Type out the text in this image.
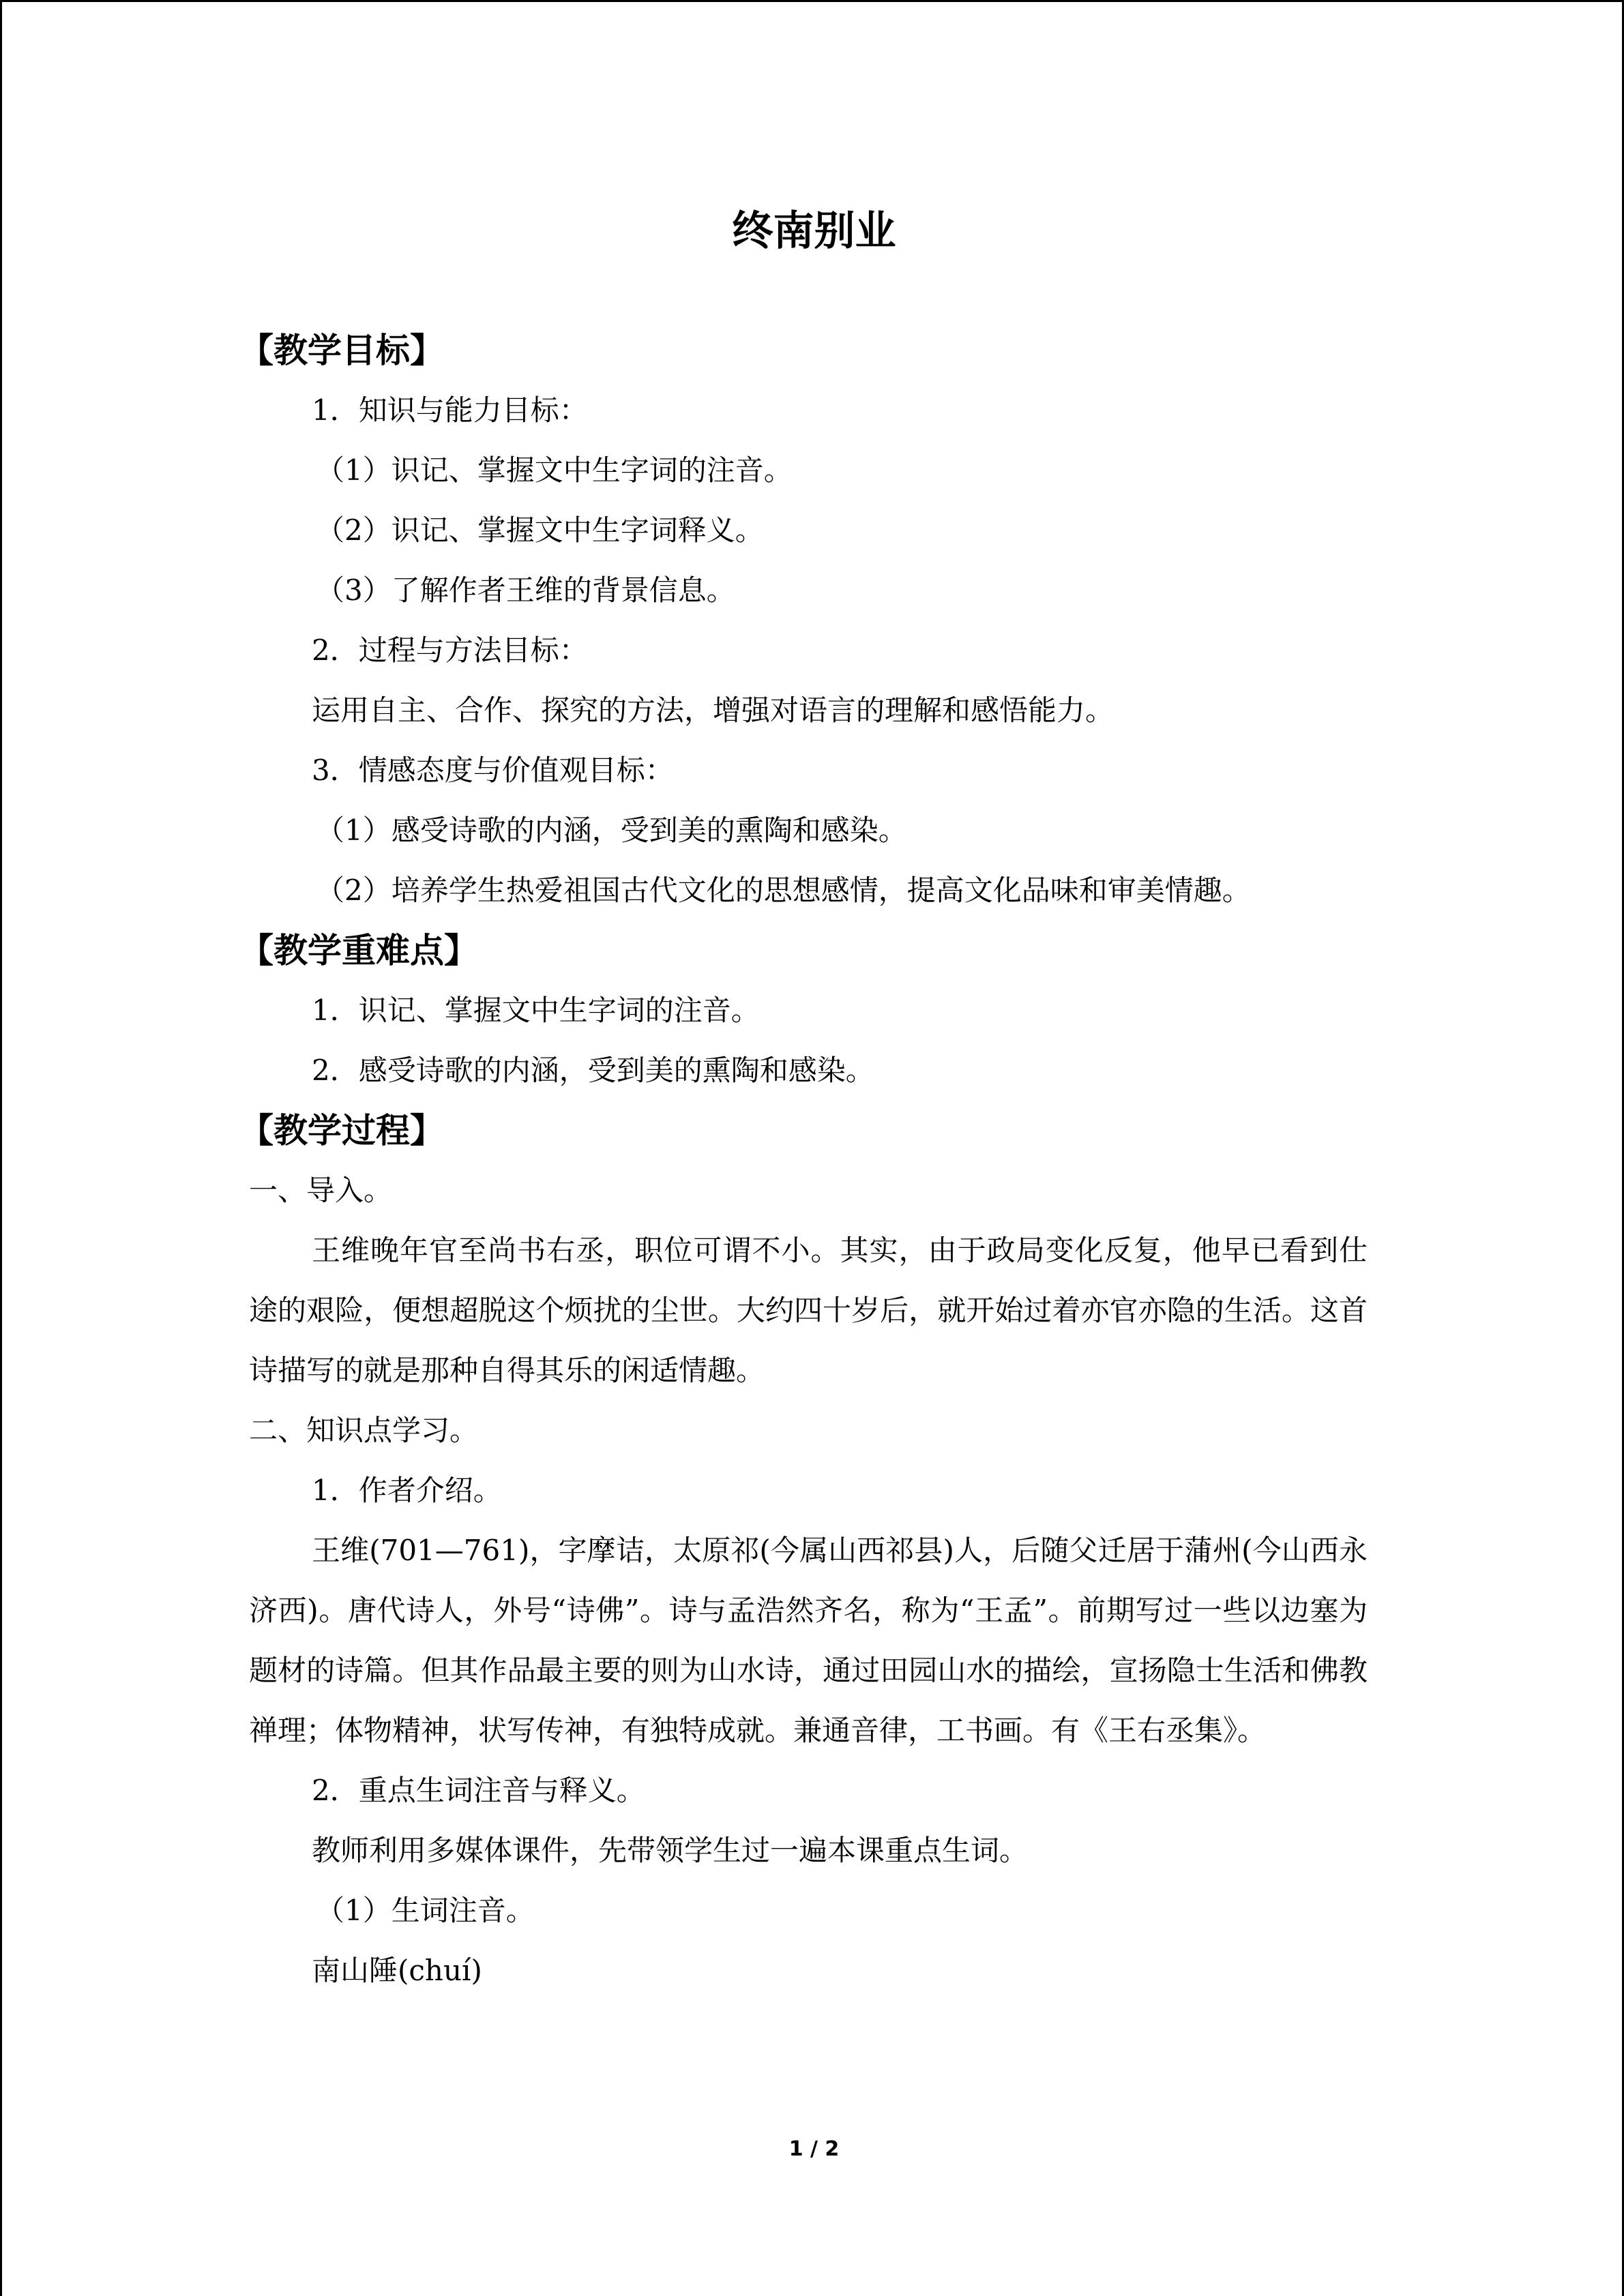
终南别业
【教学目标】
1．知识与能力目标：
（1）识记、掌握文中生字词的注音。
（2）识记、掌握文中生字词释义。
（3）了解作者王维的背景信息。
2．过程与方法目标：
运用自主、合作、探究的方法，增强对语言的理解和感悟能力。
3．情感态度与价值观目标：
（1）感受诗歌的内涵，受到美的熏陶和感染。
（2）培养学生热爱祖国古代文化的思想感情，提高文化品味和审美情趣。
【教学重难点】
1．识记、掌握文中生字词的注音。
2．感受诗歌的内涵，受到美的熏陶和感染。
【教学过程】
一、导入。
王维晚年官至尚书右丞，职位可谓不小。其实，由于政局变化反复，他早已看到仕途的艰险，便想超脱这个烦扰的尘世。大约四十岁后，就开始过着亦官亦隐的生活。这首诗描写的就是那种自得其乐的闲适情趣。
二、知识点学习。
1．作者介绍。
王维(701—761)，字摩诘，太原祁(今属山西祁县)人，后随父迁居于蒲州(今山西永济西)。唐代诗人，外号“诗佛”。诗与孟浩然齐名，称为“王孟”。前期写过一些以边塞为题材的诗篇。但其作品最主要的则为山水诗，通过田园山水的描绘，宣扬隐士生活和佛教禅理；体物精神，状写传神，有独特成就。兼通音律，工书画。有《王右丞集》。
2．重点生词注音与释义。
教师利用多媒体课件，先带领学生过一遍本课重点生词。
（1）生词注音。
南山陲(chuí)
1 / 2
